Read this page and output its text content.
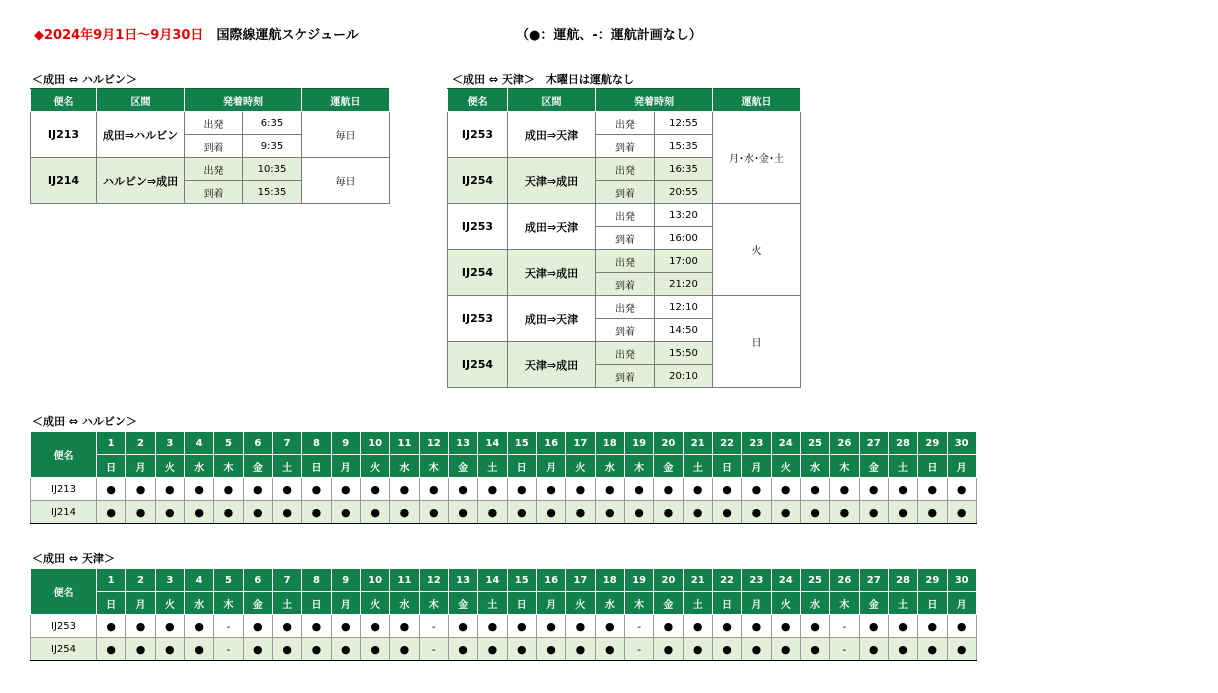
◆2024年9月1日～9月30日 国際線運航スケジュール	（●：運航、-：運航計画なし）
＜成田 ⇔ ハルビン＞
便名	区間	発着時刻		運航日
IJ213	成田⇒ハルビン	出発	6:35	毎日
		到着	9:35	
IJ214	ハルビン⇒成田	出発	10:35	毎日
		到着	15:35	
＜成田 ⇔ 天津＞　木曜日は運航なし
便名	区間	発着時刻		運航日
IJ253	成田⇒天津	出発	12:55	月･水･金･土
		到着	15:35	
IJ254	天津⇒成田	出発	16:35	
		到着	20:55	
IJ253	成田⇒天津	出発	13:20	火
		到着	16:00	
IJ254	天津⇒成田	出発	17:00	
		到着	21:20	
IJ253	成田⇒天津	出発	12:10	日
		到着	14:50	
IJ254	天津⇒成田	出発	15:50	
		到着	20:10	
＜成田 ⇔ ハルビン＞
便名	1	2	3	4	5	6	7	8	9	10	11	12	13	14	15	16	17	18	19	20	21	22	23	24	25	26	27	28	29	30
	日	月	火	水	木	金	土	日	月	火	水	木	金	土	日	月	火	水	木	金	土	日	月	火	水	木	金	土	日	月
IJ213	●	●	●	●	●	●	●	●	●	●	●	●	●	●	●	●	●	●	●	●	●	●	●	●	●	●	●	●	●	●
IJ214	●	●	●	●	●	●	●	●	●	●	●	●	●	●	●	●	●	●	●	●	●	●	●	●	●	●	●	●	●	●
＜成田 ⇔ 天津＞
便名	1	2	3	4	5	6	7	8	9	10	11	12	13	14	15	16	17	18	19	20	21	22	23	24	25	26	27	28	29	30
	日	月	火	水	木	金	土	日	月	火	水	木	金	土	日	月	火	水	木	金	土	日	月	火	水	木	金	土	日	月
IJ253	●	●	●	●	-	●	●	●	●	●	●	-	●	●	●	●	●	●	-	●	●	●	●	●	●	-	●	●	●	●
IJ254	●	●	●	●	-	●	●	●	●	●	●	-	●	●	●	●	●	●	-	●	●	●	●	●	●	-	●	●	●	●
